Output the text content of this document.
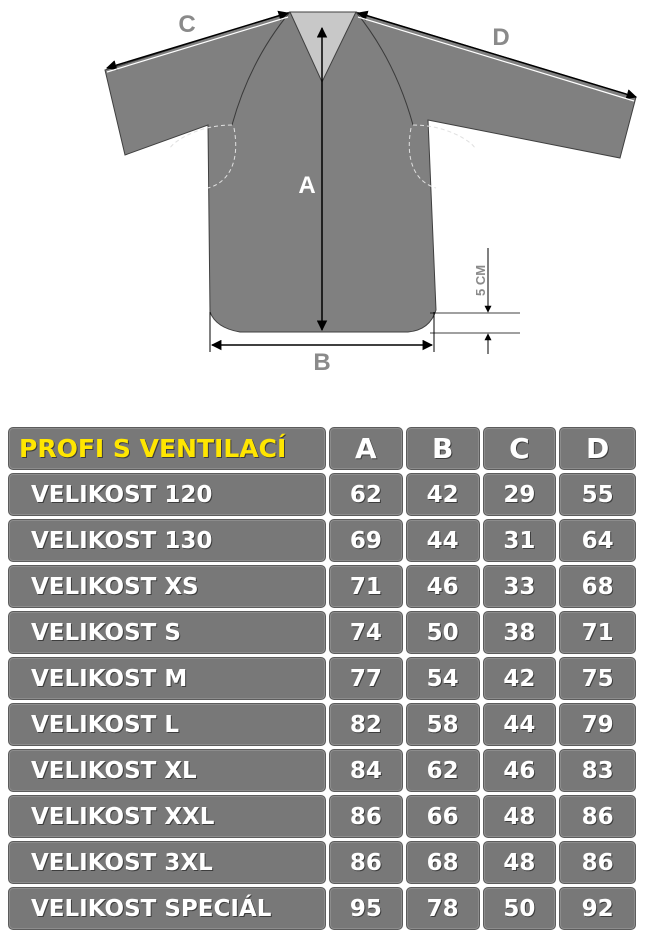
C	D
A
B
5 CM
PROFI S VENTILACÍ	A	B	C	D
VELIKOST 120	62	42	29	55
VELIKOST 130	69	44	31	64
VELIKOST XS	71	46	33	68
VELIKOST S	74	50	38	71
VELIKOST M	77	54	42	75
VELIKOST L	82	58	44	79
VELIKOST XL	84	62	46	83
VELIKOST XXL	86	66	48	86
VELIKOST 3XL	86	68	48	86
VELIKOST SPECIÁL	95	78	50	92
